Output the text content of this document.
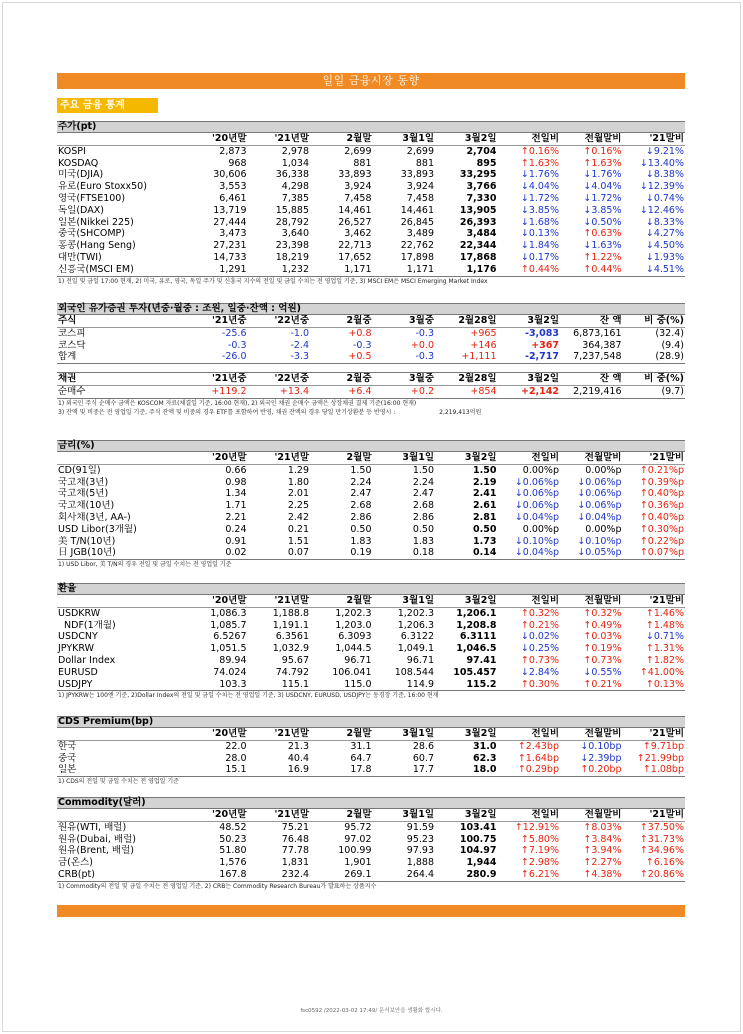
일일 금융시장 동향
주요 금융 통계
주가(pt)
	'20년말	'21년말	2월말	3월1일	3월2일	전일비	전월말비	'21말비
KOSPI	2,873	2,978	2,699	2,699	2,704	↑0.16%	↑0.16%	↓9.21%
KOSDAQ	968	1,034	881	881	895	↑1.63%	↑1.63%	↓13.40%
미국(DJIA)	30,606	36,338	33,893	33,893	33,295	↓1.76%	↓1.76%	↓8.38%
유로(Euro Stoxx50)	3,553	4,298	3,924	3,924	3,766	↓4.04%	↓4.04%	↓12.39%
영국(FTSE100)	6,461	7,385	7,458	7,458	7,330	↓1.72%	↓1.72%	↓0.74%
독일(DAX)	13,719	15,885	14,461	14,461	13,905	↓3.85%	↓3.85%	↓12.46%
일본(Nikkei 225)	27,444	28,792	26,527	26,845	26,393	↓1.68%	↓0.50%	↓8.33%
중국(SHCOMP)	3,473	3,640	3,462	3,489	3,484	↓0.13%	↑0.63%	↓4.27%
홍콩(Hang Seng)	27,231	23,398	22,713	22,762	22,344	↓1.84%	↓1.63%	↓4.50%
대만(TWI)	14,733	18,219	17,652	17,898	17,868	↓0.17%	↑1.22%	↓1.93%
신흥국(MSCI EM)	1,291	1,232	1,171	1,171	1,176	↑0.44%	↑0.44%	↓4.51%
1) 전일 및 금일 17:00 현재, 2) 미국, 유로, 영국, 독일 주가 및 신흥국 지수의 전일 및 금일 수치는 전 영업일 기준, 3) MSCI EM은 MSCI Emerging Market Index
외국인 유가증권 투자(년중·월중 : 조원, 일중·잔액 : 억원)
주식	'21년중	'22년중	2월중	3월중	2월28일	3월2일	잔 액	비 중(%)
코스피	-25.6	-1.0	+0.8	-0.3	+965	-3,083	6,873,161	(32.4)
코스닥	-0.3	-2.4	-0.3	+0.0	+146	+367	364,387	(9.4)
합계	-26.0	-3.3	+0.5	-0.3	+1,111	-2,717	7,237,548	(28.9)
채권	'21년중	'22년중	2월중	3월중	2월28일	3월2일	잔 액	비 중(%)
순매수	+119.2	+13.4	+6.4	+0.2	+854	+2,142	2,219,416	(9.7)
1) 외국인 주식 순매수 금액은 KOSCOM 자료(체결일 기준, 16:00 현재), 2) 외국인 채권 순매수 금액은 상장채권 결제 기준(16:00 현재)
3) 잔액 및 비중은 전 영업일 기준, 주식 잔액 및 비중의 경우 ETF를 포함하여 반영, 채권 잔액의 경우 당일 만기상환분 등 반영시 :	2,219,413억원
금리(%)
	'20년말	'21년말	2월말	3월1일	3월2일	전일비	전월말비	'21말비
CD(91일)	0.66	1.29	1.50	1.50	1.50	0.00%p	0.00%p	↑0.21%p
국고채(3년)	0.98	1.80	2.24	2.24	2.19	↓0.06%p	↓0.06%p	↑0.39%p
국고채(5년)	1.34	2.01	2.47	2.47	2.41	↓0.06%p	↓0.06%p	↑0.40%p
국고채(10년)	1.71	2.25	2.68	2.68	2.61	↓0.06%p	↓0.06%p	↑0.36%p
회사채(3년, AA-)	2.21	2.42	2.86	2.86	2.81	↓0.04%p	↓0.04%p	↑0.40%p
USD Libor(3개월)	0.24	0.21	0.50	0.50	0.50	0.00%p	0.00%p	↑0.30%p
美 T/N(10년)	0.91	1.51	1.83	1.83	1.73	↓0.10%p	↓0.10%p	↑0.22%p
日 JGB(10년)	0.02	0.07	0.19	0.18	0.14	↓0.04%p	↓0.05%p	↑0.07%p
1) USD Libor, 美 T/N의 경우 전일 및 금일 수치는 전 영업일 기준
환율
	'20년말	'21년말	2월말	3월1일	3월2일	전일비	전월말비	'21말비
USDKRW	1,086.3	1,188.8	1,202.3	1,202.3	1,206.1	↑0.32%	↑0.32%	↑1.46%
NDF(1개월)	1,085.7	1,191.1	1,203.0	1,206.3	1,208.8	↑0.21%	↑0.49%	↑1.48%
USDCNY	6.5267	6.3561	6.3093	6.3122	6.3111	↓0.02%	↑0.03%	↓0.71%
JPYKRW	1,051.5	1,032.9	1,044.5	1,049.1	1,046.5	↓0.25%	↑0.19%	↑1.31%
Dollar Index	89.94	95.67	96.71	96.71	97.41	↑0.73%	↑0.73%	↑1.82%
EURUSD	74.024	74.792	106.041	108.544	105.457	↓2.84%	↓0.55%	↑41.00%
USDJPY	103.3	115.1	115.0	114.9	115.2	↑0.30%	↑0.21%	↑0.13%
1) JPYKRW는 100엔 기준, 2)Dollar Index의 전일 및 금일 수치는 전 영업일 기준, 3) USDCNY, EURUSD, USDJPY는 동경장 기준, 16:00 현재
CDS Premium(bp)
	'20년말	'21년말	2월말	3월1일	3월2일	전일비	전월말비	'21말비
한국	22.0	21.3	31.1	28.6	31.0	↑2.43bp	↓0.10bp	↑9.71bp
중국	28.0	40.4	64.7	60.7	62.3	↑1.64bp	↓2.39bp	↑21.99bp
일본	15.1	16.9	17.8	17.7	18.0	↑0.29bp	↑0.20bp	↑1.08bp
1) CDS의 전일 및 금일 수치는 전 영업일 기준
Commodity(달러)
	'20년말	'21년말	2월말	3월1일	3월2일	전일비	전월말비	'21말비
원유(WTI, 배럴)	48.52	75.21	95.72	91.59	103.41	↑12.91%	↑8.03%	↑37.50%
원유(Dubai, 배럴)	50.23	76.48	97.02	95.23	100.75	↑5.80%	↑3.84%	↑31.73%
원유(Brent, 배럴)	51.80	77.78	100.99	97.93	104.97	↑7.19%	↑3.94%	↑34.96%
금(온스)	1,576	1,831	1,901	1,888	1,944	↑2.98%	↑2.27%	↑6.16%
CRB(pt)	167.8	232.4	269.1	264.4	280.9	↑6.21%	↑4.38%	↑20.86%
1) Commodity의 전일 및 금일 수치는 전 영업일 기준, 2) CRB는 Commodity Research Bureau가 발표하는 상품지수
fsc0592 /2022-03-02 17:49/ 문서보안을 생활화 합시다.
